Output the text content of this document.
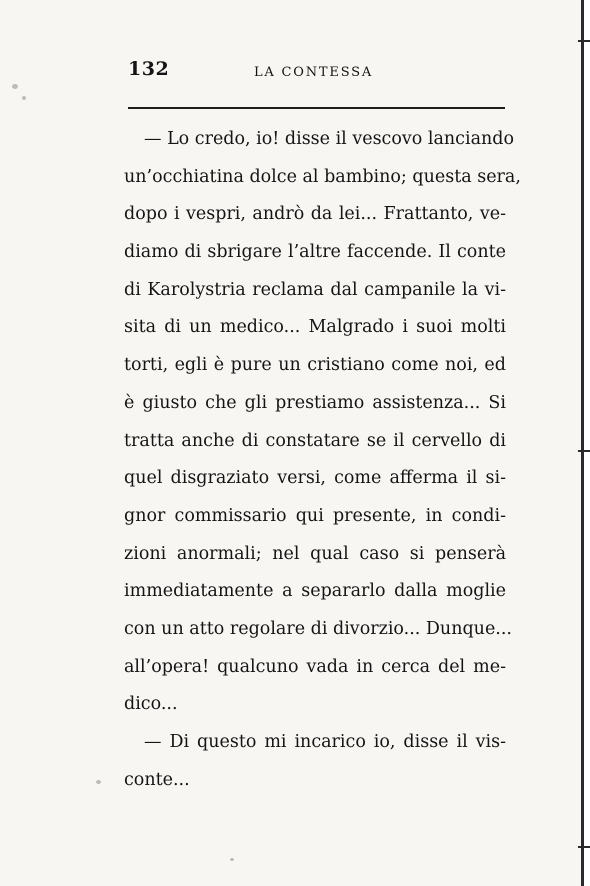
132	LA CONTESSA
— Lo credo, io! disse il vescovo lanciando
un’occhiatina dolce al bambino; questa sera,
dopo i vespri, andrò da lei... Frattanto, ve-
diamo di sbrigare l’altre faccende. Il conte
di Karolystria reclama dal campanile la vi-
sita di un medico... Malgrado i suoi molti
torti, egli è pure un cristiano come noi, ed
è giusto che gli prestiamo assistenza... Si
tratta anche di constatare se il cervello di
quel disgraziato versi, come afferma il si-
gnor commissario qui presente, in condi-
zioni anormali; nel qual caso si penserà
immediatamente a separarlo dalla moglie
con un atto regolare di divorzio... Dunque...
all’opera! qualcuno vada in cerca del me-
dico...
— Di questo mi incarico io, disse il vis-
conte...
